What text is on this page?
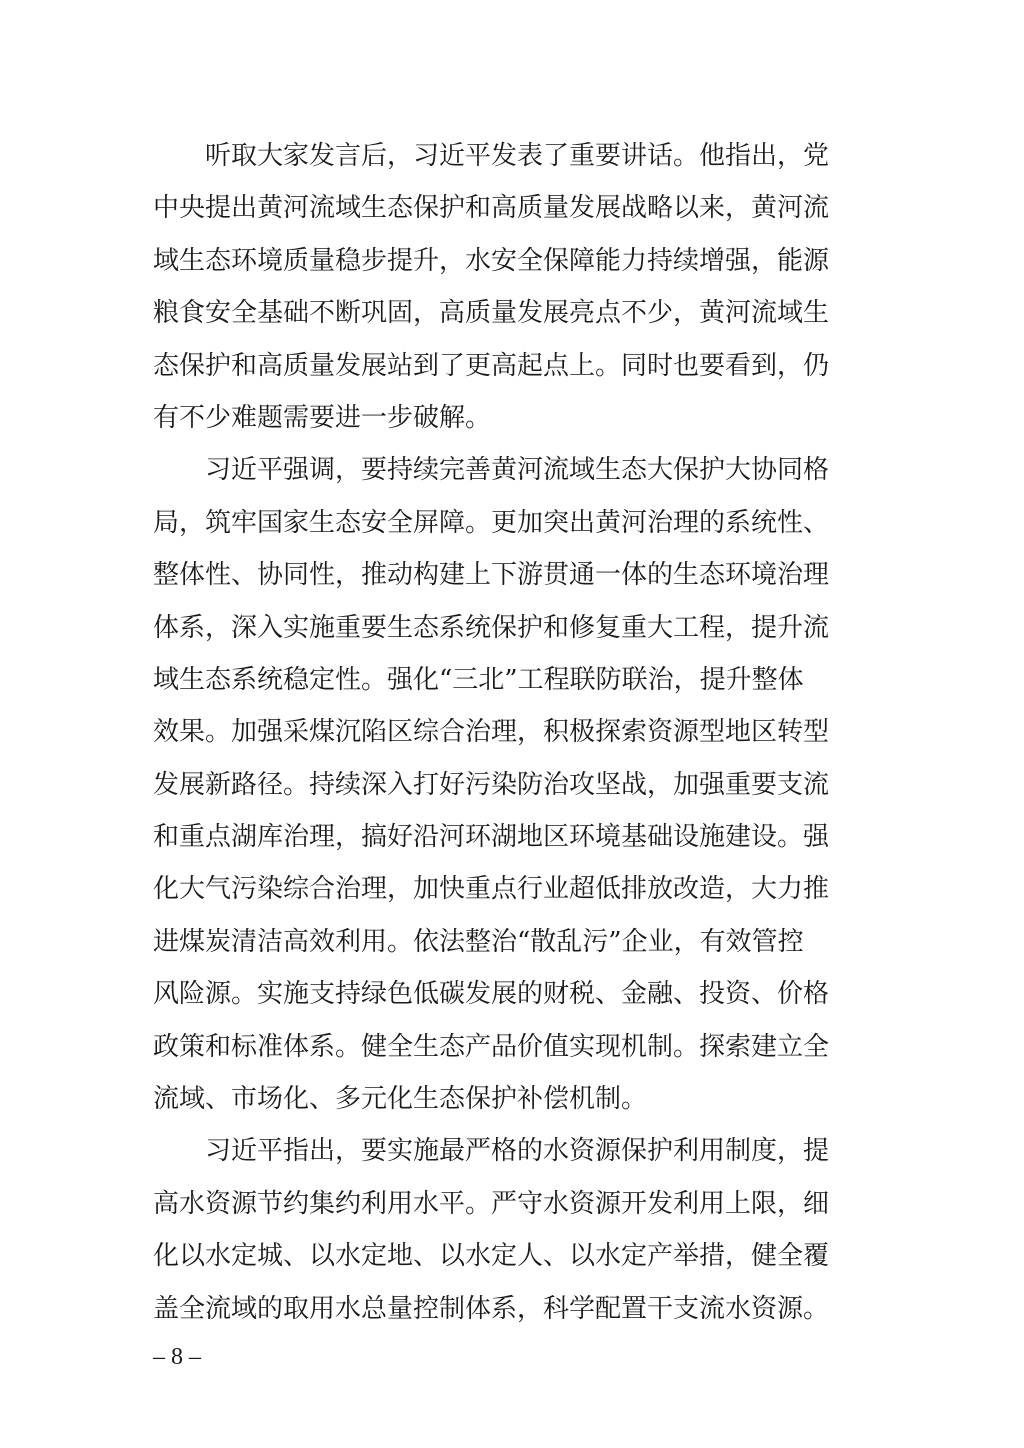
　　听取大家发言后，习近平发表了重要讲话。他指出，党
中央提出黄河流域生态保护和高质量发展战略以来，黄河流
域生态环境质量稳步提升，水安全保障能力持续增强，能源
粮食安全基础不断巩固，高质量发展亮点不少，黄河流域生
态保护和高质量发展站到了更高起点上。同时也要看到，仍
有不少难题需要进一步破解。
　　习近平强调，要持续完善黄河流域生态大保护大协同格
局，筑牢国家生态安全屏障。更加突出黄河治理的系统性、
整体性、协同性，推动构建上下游贯通一体的生态环境治理
体系，深入实施重要生态系统保护和修复重大工程，提升流
域生态系统稳定性。强化“三北”工程联防联治，提升整体
效果。加强采煤沉陷区综合治理，积极探索资源型地区转型
发展新路径。持续深入打好污染防治攻坚战，加强重要支流
和重点湖库治理，搞好沿河环湖地区环境基础设施建设。强
化大气污染综合治理，加快重点行业超低排放改造，大力推
进煤炭清洁高效利用。依法整治“散乱污”企业，有效管控
风险源。实施支持绿色低碳发展的财税、金融、投资、价格
政策和标准体系。健全生态产品价值实现机制。探索建立全
流域、市场化、多元化生态保护补偿机制。
　　习近平指出，要实施最严格的水资源保护利用制度，提
高水资源节约集约利用水平。严守水资源开发利用上限，细
化以水定城、以水定地、以水定人、以水定产举措，健全覆
盖全流域的取用水总量控制体系，科学配置干支流水资源。
– 8 –
